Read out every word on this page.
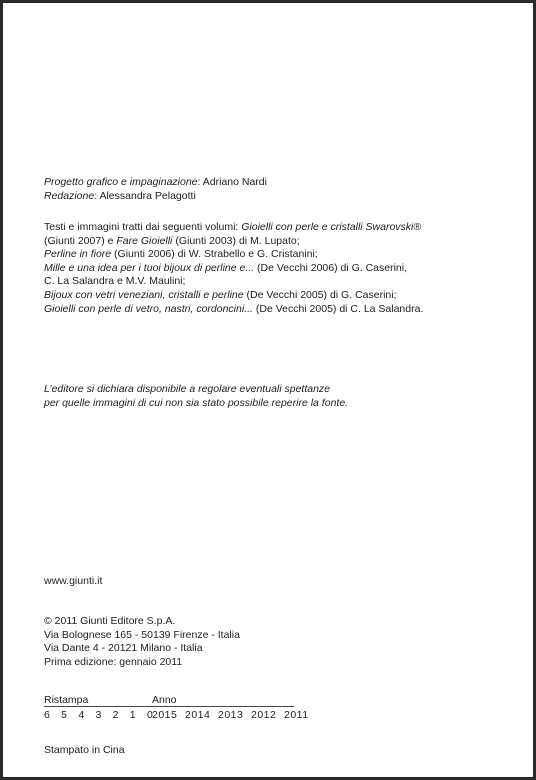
Progetto grafico e impaginazione: Adriano Nardi

Redazione: Alessandra Pelagotti

Testi e immagini tratti dai seguenti volumi: Gioielli con perle e cristalli Swarovski®

(Giunti 2007) e Fare Gioielli (Giunti 2003) di M. Lupato;

Perline in fiore (Giunti 2006) di W. Strabello e G. Cristanini;

Mille e una idea per i tuoi bijoux di perline e... (De Vecchi 2006) di G. Caserini,

C. La Salandra e M.V. Maulini;

Bijoux con vetri veneziani, cristalli e perline (De Vecchi 2005) di G. Caserini;

Gioielli con perle di vetro, nastri, cordoncini... (De Vecchi 2005) di C. La Salandra.

L’editore si dichiara disponibile a regolare eventuali spettanze

per quelle immagini di cui non sia stato possibile reperire la fonte.

www.giunti.it

© 2011 Giunti Editore S.p.A.

Via Bolognese 165 - 50139 Firenze - Italia

Via Dante 4 - 20121 Milano - Italia

Prima edizione: gennaio 2011

Ristampa	Anno
6 5 4 3 2 1 0
2015 2014 2013 2012 2011
Stampato in Cina
